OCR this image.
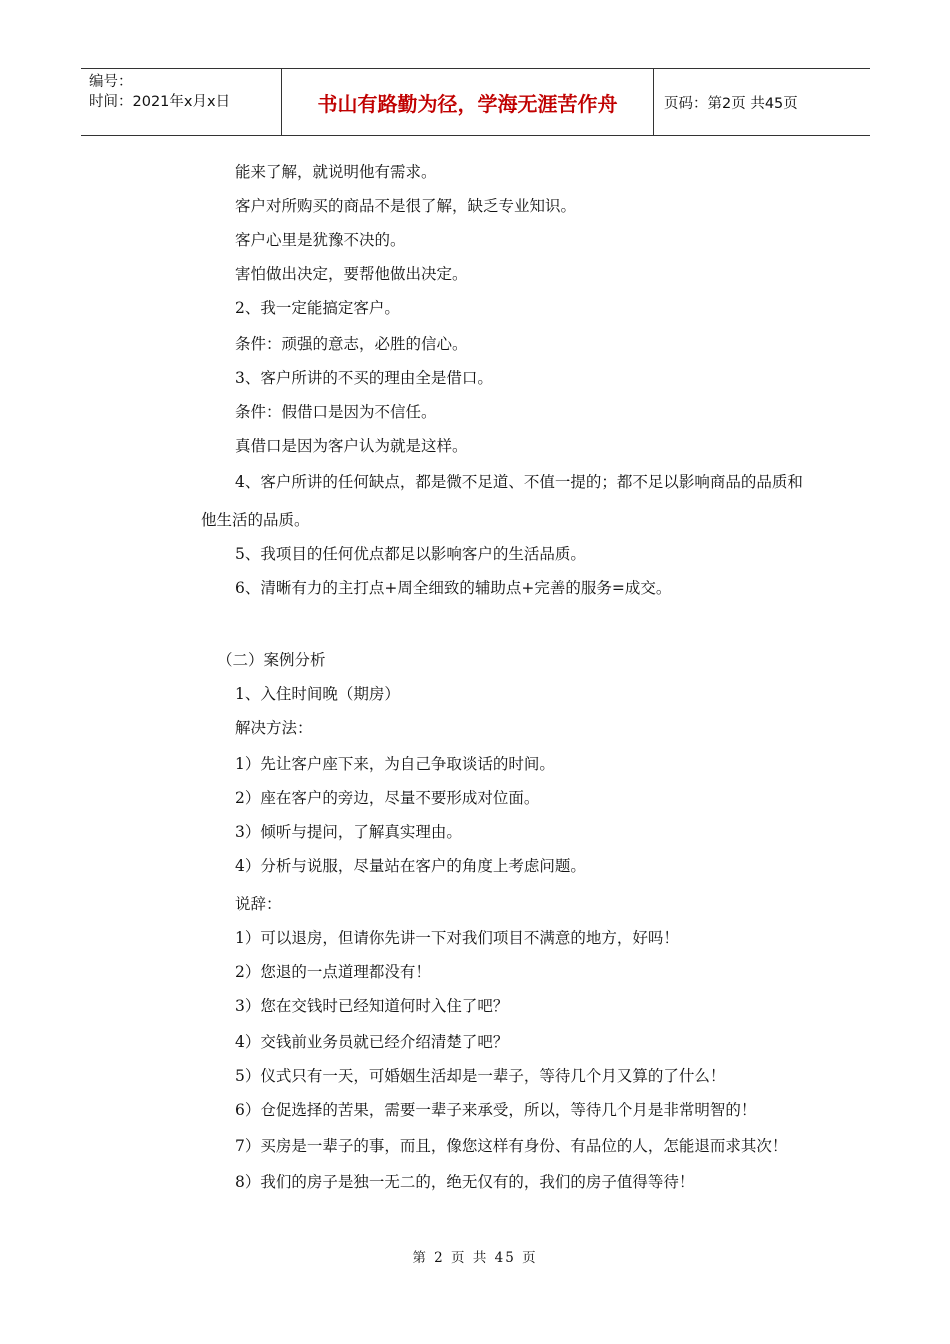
编号：
时间：2021年x月x日	书山有路勤为径，学海无涯苦作舟	页码：第2页 共45页
能来了解，就说明他有需求。
客户对所购买的商品不是很了解，缺乏专业知识。
客户心里是犹豫不决的。
害怕做出决定，要帮他做出决定。
2、我一定能搞定客户。
条件：顽强的意志，必胜的信心。
3、客户所讲的不买的理由全是借口。
条件：假借口是因为不信任。
真借口是因为客户认为就是这样。
4、客户所讲的任何缺点，都是微不足道、不值一提的；都不足以影响商品的品质和
他生活的品质。
5、我项目的任何优点都足以影响客户的生活品质。
6、清晰有力的主打点+周全细致的辅助点+完善的服务=成交。
（二）案例分析
1、入住时间晚（期房）
解决方法：
1）先让客户座下来，为自己争取谈话的时间。
2）座在客户的旁边，尽量不要形成对位面。
3）倾听与提问，了解真实理由。
4）分析与说服，尽量站在客户的角度上考虑问题。
说辞：
1）可以退房，但请你先讲一下对我们项目不满意的地方，好吗！
2）您退的一点道理都没有！
3）您在交钱时已经知道何时入住了吧？
4）交钱前业务员就已经介绍清楚了吧？
5）仪式只有一天，可婚姻生活却是一辈子，等待几个月又算的了什么！
6）仓促选择的苦果，需要一辈子来承受，所以，等待几个月是非常明智的！
7）买房是一辈子的事，而且，像您这样有身份、有品位的人，怎能退而求其次！
8）我们的房子是独一无二的，绝无仅有的，我们的房子值得等待！
第 2 页 共 45 页
